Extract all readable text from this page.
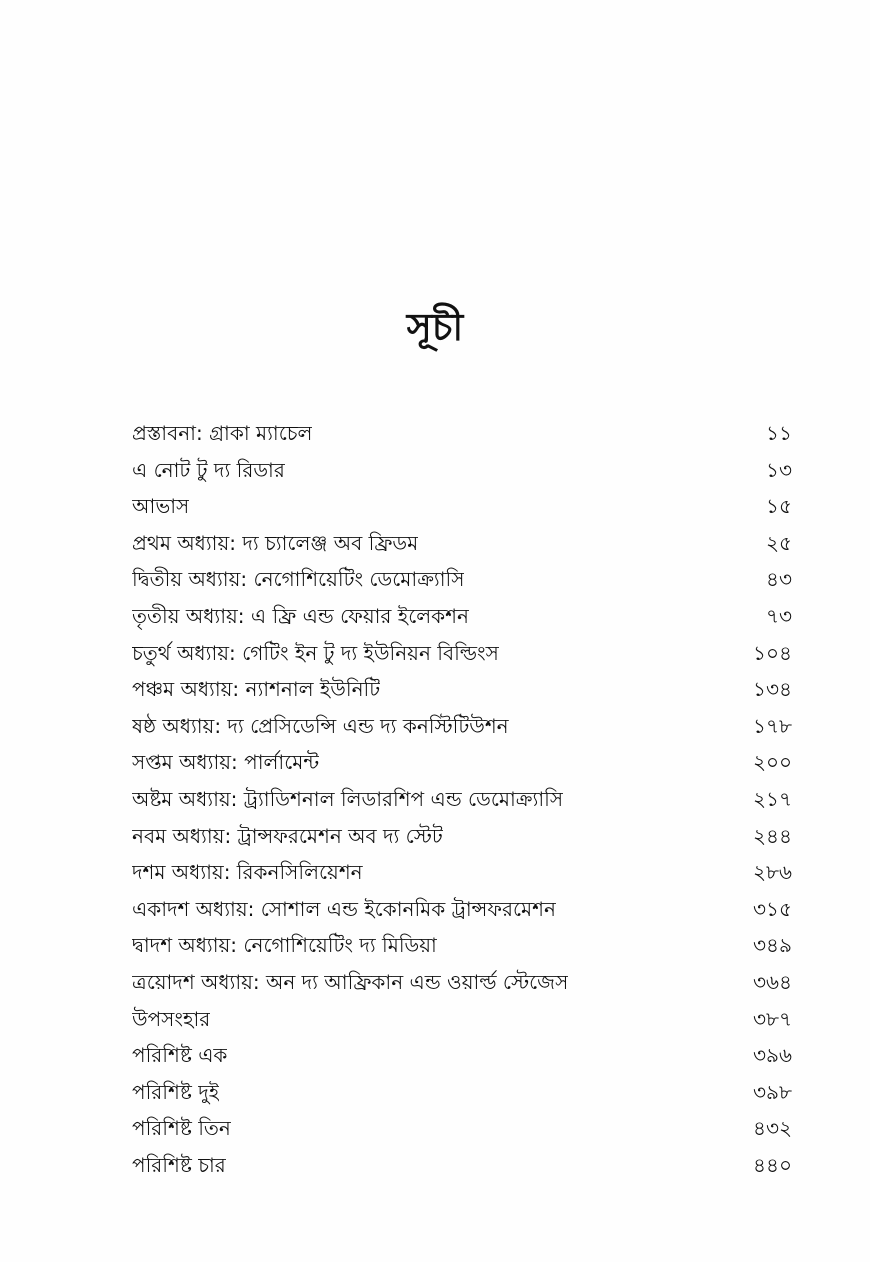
সূচী
প্রস্তাবনা: গ্রাকা ম্যাচেল	১১
এ নোট টু দ্য রিডার	১৩
আভাস	১৫
প্রথম অধ্যায়: দ্য চ্যালেঞ্জ অব ফ্রিডম	২৫
দ্বিতীয় অধ্যায়: নেগোশিয়েটিং ডেমোক্র্যাসি	৪৩
তৃতীয় অধ্যায়: এ ফ্রি এন্ড ফেয়ার ইলেকশন	৭৩
চতুর্থ অধ্যায়: গেটিং ইন টু দ্য ইউনিয়ন বিল্ডিংস	১০৪
পঞ্চম অধ্যায়: ন্যাশনাল ইউনিটি	১৩৪
ষষ্ঠ অধ্যায়: দ্য প্রেসিডেন্সি এন্ড দ্য কনস্টিটিউশন	১৭৮
সপ্তম অধ্যায়: পার্লামেন্ট	২০০
অষ্টম অধ্যায়: ট্র্যাডিশনাল লিডারশিপ এন্ড ডেমোক্র্যাসি	২১৭
নবম অধ্যায়: ট্রান্সফরমেশন অব দ্য স্টেট	২৪৪
দশম অধ্যায়: রিকনসিলিয়েশন	২৮৬
একাদশ অধ্যায়: সোশাল এন্ড ইকোনমিক ট্রান্সফরমেশন	৩১৫
দ্বাদশ অধ্যায়: নেগোশিয়েটিং দ্য মিডিয়া	৩৪৯
ত্রয়োদশ অধ্যায়: অন দ্য আফ্রিকান এন্ড ওয়ার্ল্ড স্টেজেস	৩৬৪
উপসংহার	৩৮৭
পরিশিষ্ট এক	৩৯৬
পরিশিষ্ট দুই	৩৯৮
পরিশিষ্ট তিন	৪৩২
পরিশিষ্ট চার	৪৪০
